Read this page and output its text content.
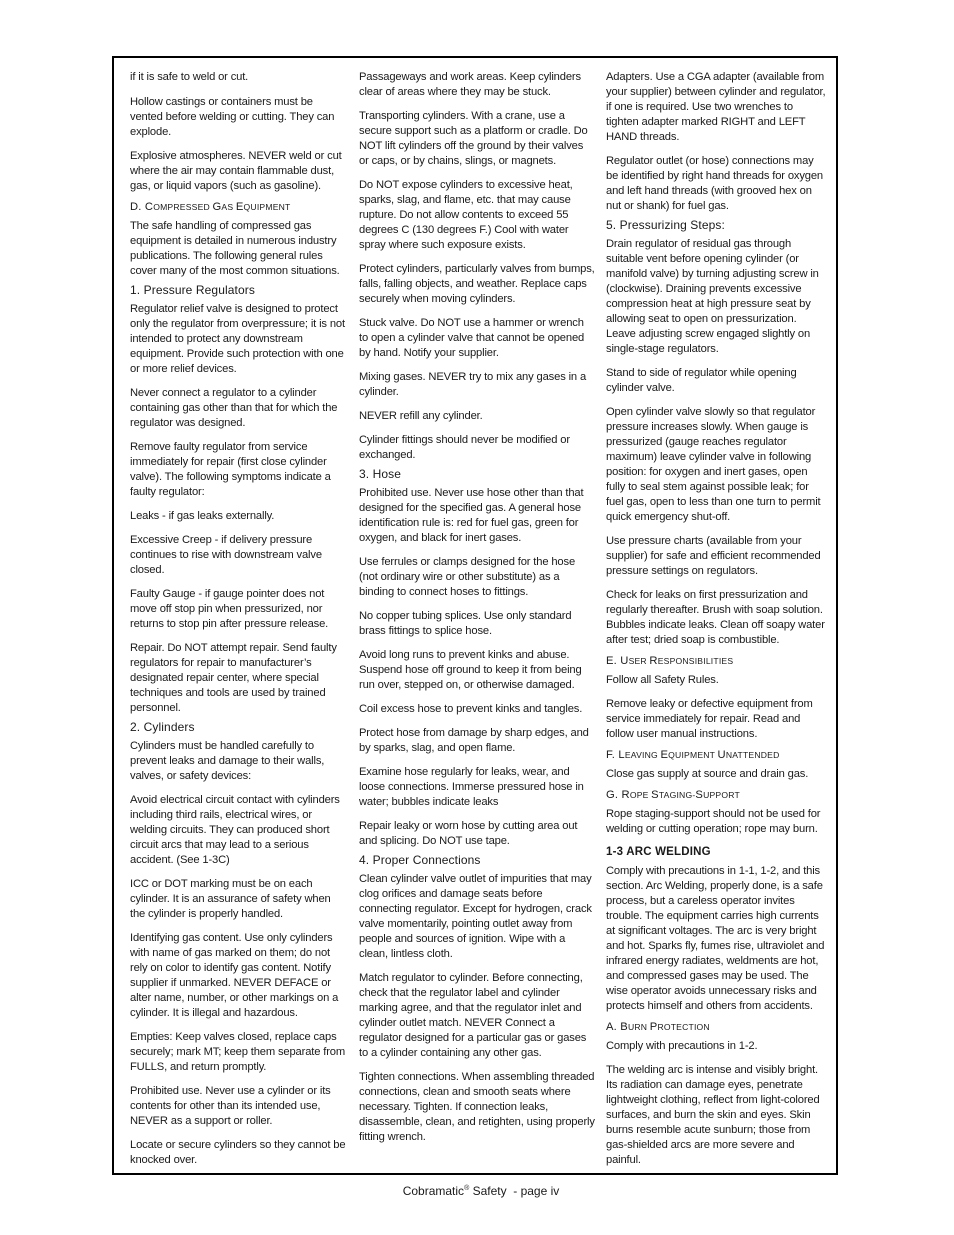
if it is safe to weld or cut.

Hollow castings or containers must be vented before welding or cutting. They can explode.

Explosive atmospheres. NEVER weld or cut where the air may contain flammable dust, gas, or liquid vapors (such as gasoline).

D. COMPRESSED GAS EQUIPMENT

The safe handling of compressed gas equipment is detailed in numerous industry publications. The following general rules cover many of the most common situations.

1. Pressure Regulators

Regulator relief valve is designed to protect only the regulator from overpressure; it is not intended to protect any downstream equipment. Provide such protection with one or more relief devices.

Never connect a regulator to a cylinder containing gas other than that for which the regulator was designed.

Remove faulty regulator from service immediately for repair (first close cylinder valve). The following symptoms indicate a faulty regulator:

Leaks - if gas leaks externally.

Excessive Creep - if delivery pressure continues to rise with downstream valve closed.

Faulty Gauge - if gauge pointer does not move off stop pin when pressurized, nor returns to stop pin after pressure release.

Repair. Do NOT attempt repair. Send faulty regulators for repair to manufacturer’s designated repair center, where special techniques and tools are used by trained personnel.

2. Cylinders

Cylinders must be handled carefully to prevent leaks and damage to their walls, valves, or safety devices:

Avoid electrical circuit contact with cylinders including third rails, electrical wires, or welding circuits. They can produced short circuit arcs that may lead to a serious accident. (See 1-3C)

ICC or DOT marking must be on each cylinder. It is an assurance of safety when the cylinder is properly handled.

Identifying gas content. Use only cylinders with name of gas marked on them; do not rely on color to identify gas content. Notify supplier if unmarked. NEVER DEFACE or alter name, number, or other markings on a cylinder. It is illegal and hazardous.

Empties: Keep valves closed, replace caps securely; mark MT; keep them separate from FULLS, and return promptly.

Prohibited use. Never use a cylinder or its contents for other than its intended use, NEVER as a support or roller.

Locate or secure cylinders so they cannot be knocked over.

Passageways and work areas. Keep cylinders clear of areas where they may be stuck.

Transporting cylinders. With a crane, use a secure support such as a platform or cradle. Do NOT lift cylinders off the ground by their valves or caps, or by chains, slings, or magnets.

Do NOT expose cylinders to excessive heat, sparks, slag, and flame, etc. that may cause rupture. Do not allow contents to exceed 55 degrees C (130 degrees F.) Cool with water spray where such exposure exists.

Protect cylinders, particularly valves from bumps, falls, falling objects, and weather. Replace caps securely when moving cylinders.

Stuck valve. Do NOT use a hammer or wrench to open a cylinder valve that cannot be opened by hand. Notify your supplier.

Mixing gases. NEVER try to mix any gases in a cylinder.

NEVER refill any cylinder.

Cylinder fittings should never be modified or exchanged.

3. Hose

Prohibited use. Never use hose other than that designed for the specified gas. A general hose identification rule is: red for fuel gas, green for oxygen, and black for inert gases.

Use ferrules or clamps designed for the hose (not ordinary wire or other substitute) as a binding to connect hoses to fittings.

No copper tubing splices. Use only standard brass fittings to splice hose.

Avoid long runs to prevent kinks and abuse. Suspend hose off ground to keep it from being run over, stepped on, or otherwise damaged.

Coil excess hose to prevent kinks and tangles.

Protect hose from damage by sharp edges, and by sparks, slag, and open flame.

Examine hose regularly for leaks, wear, and loose connections. Immerse pressured hose in water; bubbles indicate leaks

Repair leaky or worn hose by cutting area out and splicing. Do NOT use tape.

4. Proper Connections

Clean cylinder valve outlet of impurities that may clog orifices and damage seats before connecting regulator. Except for hydrogen, crack valve momentarily, pointing outlet away from people and sources of ignition. Wipe with a clean, lintless cloth.

Match regulator to cylinder. Before connecting, check that the regulator label and cylinder marking agree, and that the regulator inlet and cylinder outlet match. NEVER Connect a regulator designed for a particular gas or gases to a cylinder containing any other gas.

Tighten connections. When assembling threaded connections, clean and smooth seats where necessary. Tighten. If connection leaks, disassemble, clean, and retighten, using properly fitting wrench.

Adapters. Use a CGA adapter (available from your supplier) between cylinder and regulator, if one is required. Use two wrenches to tighten adapter marked RIGHT and LEFT HAND threads.

Regulator outlet (or hose) connections may be identified by right hand threads for oxygen and left hand threads (with grooved hex on nut or shank) for fuel gas.

5. Pressurizing Steps:

Drain regulator of residual gas through suitable vent before opening cylinder (or manifold valve) by turning adjusting screw in (clockwise). Draining prevents excessive compression heat at high pressure seat by allowing seat to open on pressurization. Leave adjusting screw engaged slightly on single-stage regulators.

Stand to side of regulator while opening cylinder valve.

Open cylinder valve slowly so that regulator pressure increases slowly. When gauge is pressurized (gauge reaches regulator maximum) leave cylinder valve in following position: for oxygen and inert gases, open fully to seal stem against possible leak; for fuel gas, open to less than one turn to permit quick emergency shut-off.

Use pressure charts (available from your supplier) for safe and efficient recommended pressure settings on regulators.

Check for leaks on first pressurization and regularly thereafter. Brush with soap solution. Bubbles indicate leaks. Clean off soapy water after test; dried soap is combustible.

E. USER RESPONSIBILITIES

Follow all Safety Rules.

Remove leaky or defective equipment from service immediately for repair. Read and follow user manual instructions.

F. LEAVING EQUIPMENT UNATTENDED

Close gas supply at source and drain gas.

G. ROPE STAGING-SUPPORT

Rope staging-support should not be used for welding or cutting operation; rope may burn.

1-3 ARC WELDING

Comply with precautions in 1-1, 1-2, and this section. Arc Welding, properly done, is a safe process, but a careless operator invites trouble. The equipment carries high currents at significant voltages. The arc is very bright and hot. Sparks fly, fumes rise, ultraviolet and infrared energy radiates, weldments are hot, and compressed gases may be used. The wise operator avoids unnecessary risks and protects himself and others from accidents.

A. BURN PROTECTION

Comply with precautions in 1-2.

The welding arc is intense and visibly bright. Its radiation can damage eyes, penetrate lightweight clothing, reflect from light-colored surfaces, and burn the skin and eyes. Skin burns resemble acute sunburn; those from gas-shielded arcs are more severe and painful.

Cobramatic® Safety  - page iv
